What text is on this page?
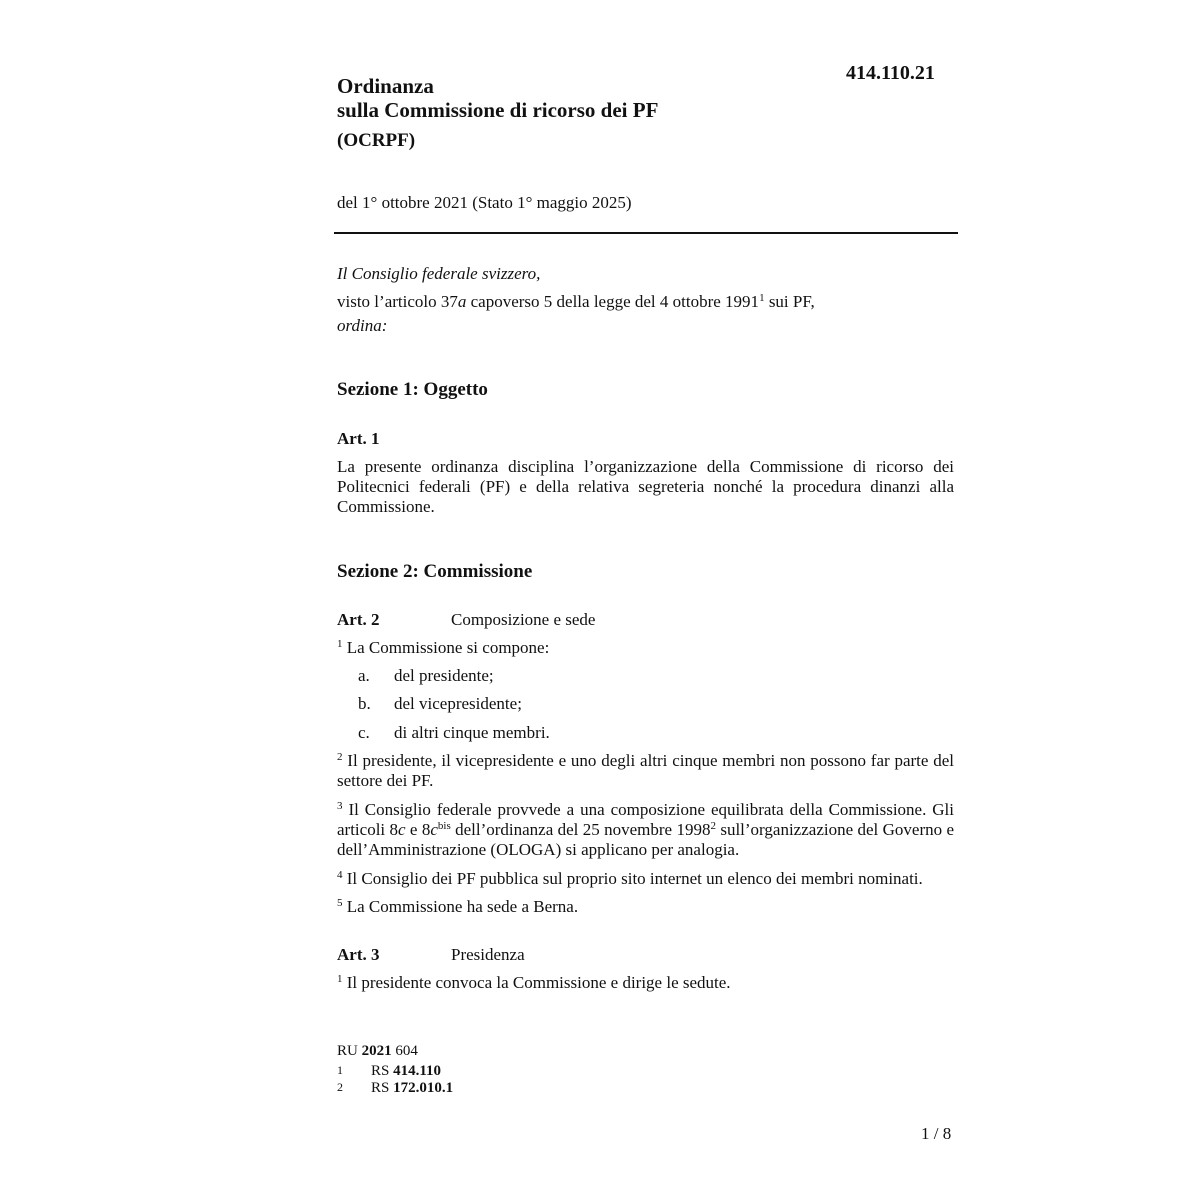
414.110.21
Ordinanza
sulla Commissione di ricorso dei PF
(OCRPF)
del 1° ottobre 2021 (Stato 1° maggio 2025)
Il Consiglio federale svizzero,
visto l’articolo 37a capoverso 5 della legge del 4 ottobre 1991$^1$ sui PF,
ordina:
Sezione 1: Oggetto
Art. 1
La presente ordinanza disciplina l’organizzazione della Commissione di ricorso dei Politecnici federali (PF) e della relativa segreteria nonché la procedura dinanzi alla Commissione.
Sezione 2: Commissione
Art. 2	Composizione e sede
$^1$ La Commissione si compone:
a. del presidente;
b. del vicepresidente;
c. di altri cinque membri.
$^2$ Il presidente, il vicepresidente e uno degli altri cinque membri non possono far parte del settore dei PF.
$^3$ Il Consiglio federale provvede a una composizione equilibrata della Commissione. Gli articoli 8c e $8c^{bis}$ dell’ordinanza del 25 novembre 1998$^2$ sull’organizzazione del Governo e dell’Amministrazione (OLOGA) si applicano per analogia.
$^4$ Il Consiglio dei PF pubblica sul proprio sito internet un elenco dei membri nominati.
$^5$ La Commissione ha sede a Berna.
Art. 3	Presidenza
$^1$ Il presidente convoca la Commissione e dirige le sedute.
RU 2021 604
1 RS 414.110
2 RS 172.010.1
1 / 8
